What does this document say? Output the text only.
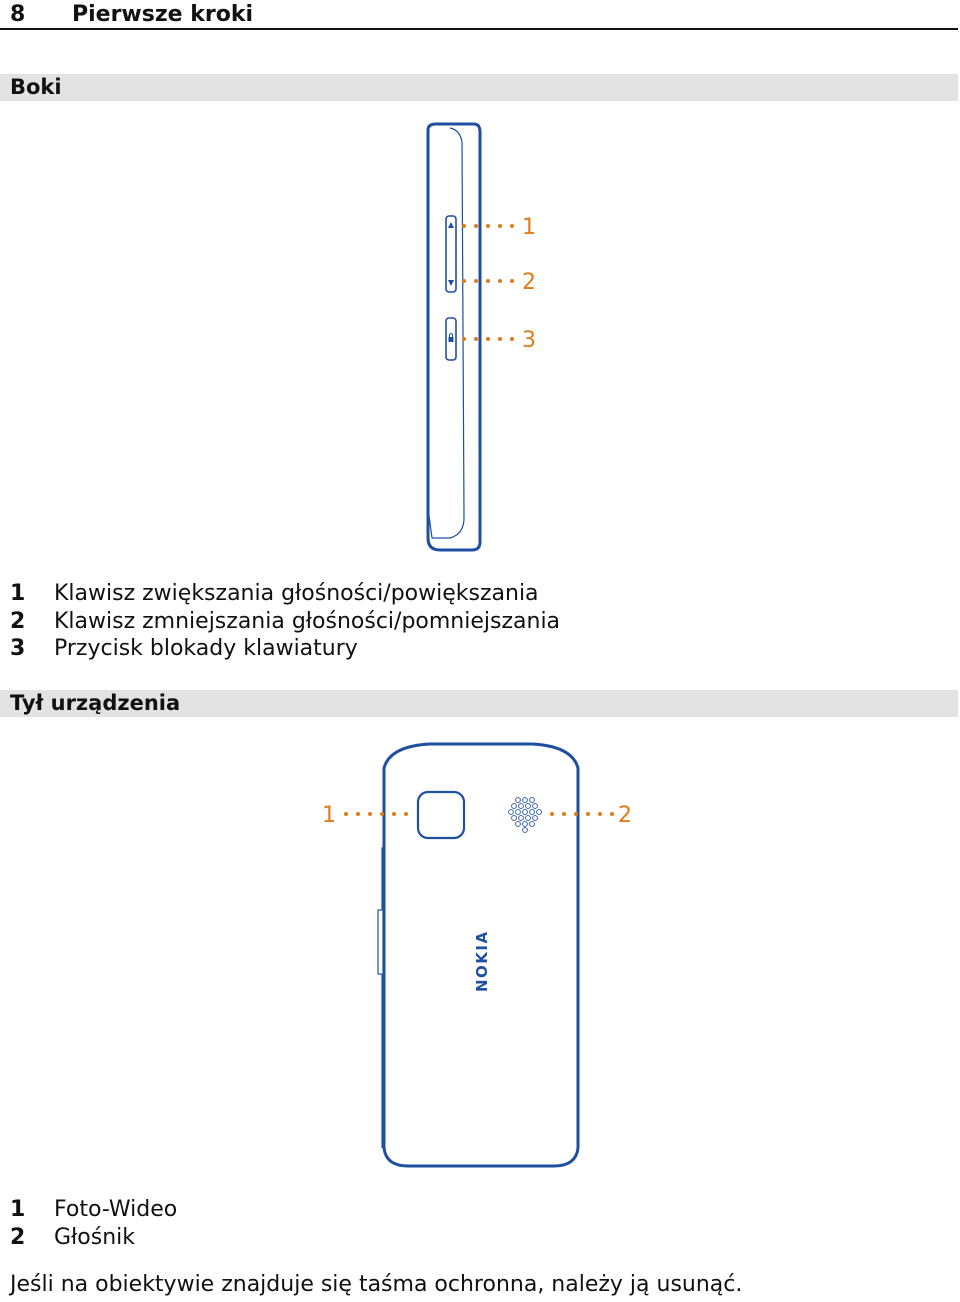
8 Pierwsze kroki
Boki
1
2
3
1	Klawisz zwiększania głośności/powiększania
2	Klawisz zmniejszania głośności/pomniejszania
3	Przycisk blokady klawiatury
Tył urządzenia
1	2
NOKIA
1	Foto-Wideo
2	Głośnik
Jeśli na obiektywie znajduje się taśma ochronna, należy ją usunąć.
